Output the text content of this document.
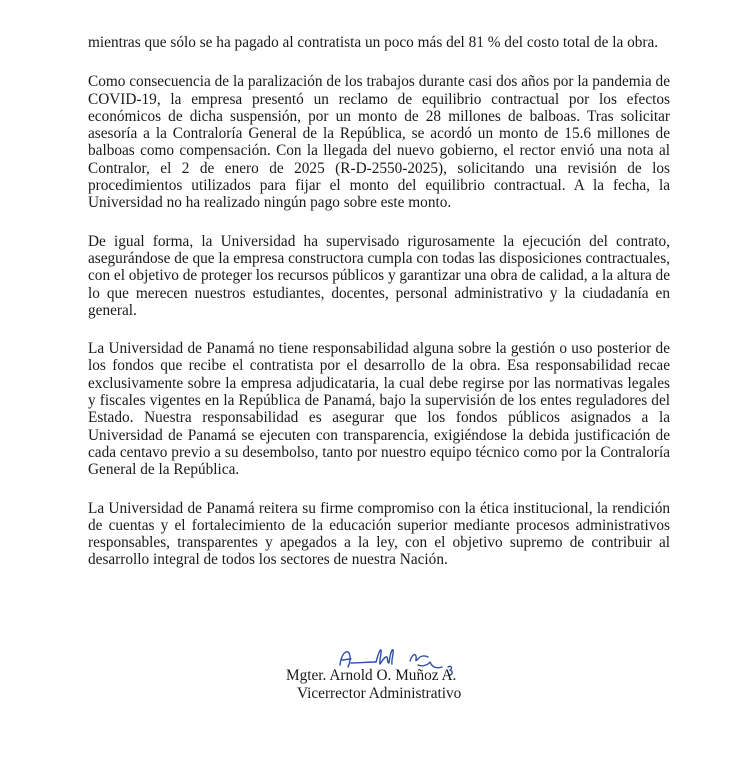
mientras que sólo se ha pagado al contratista un poco más del 81 % del costo total de la obra.

Como consecuencia de la paralización de los trabajos durante casi dos años por la pandemia de COVID-19, la empresa presentó un reclamo de equilibrio contractual por los efectos económicos de dicha suspensión, por un monto de 28 millones de balboas. Tras solicitar asesoría a la Contraloría General de la República, se acordó un monto de 15.6 millones de balboas como compensación. Con la llegada del nuevo gobierno, el rector envió una nota al Contralor, el 2 de enero de 2025 (R-D-2550-2025), solicitando una revisión de los procedimientos utilizados para fijar el monto del equilibrio contractual. A la fecha, la Universidad no ha realizado ningún pago sobre este monto.

De igual forma, la Universidad ha supervisado rigurosamente la ejecución del contrato, asegurándose de que la empresa constructora cumpla con todas las disposiciones contractuales, con el objetivo de proteger los recursos públicos y garantizar una obra de calidad, a la altura de lo que merecen nuestros estudiantes, docentes, personal administrativo y la ciudadanía en general.

La Universidad de Panamá no tiene responsabilidad alguna sobre la gestión o uso posterior de los fondos que recibe el contratista por el desarrollo de la obra. Esa responsabilidad recae exclusivamente sobre la empresa adjudicataria, la cual debe regirse por las normativas legales y fiscales vigentes en la República de Panamá, bajo la supervisión de los entes reguladores del Estado. Nuestra responsabilidad es asegurar que los fondos públicos asignados a la Universidad de Panamá se ejecuten con transparencia, exigiéndose la debida justificación de cada centavo previo a su desembolso, tanto por nuestro equipo técnico como por la Contraloría General de la República.

La Universidad de Panamá reitera su firme compromiso con la ética institucional, la rendición de cuentas y el fortalecimiento de la educación superior mediante procesos administrativos responsables, transparentes y apegados a la ley, con el objetivo supremo de contribuir al desarrollo integral de todos los sectores de nuestra Nación.

Mgter. Arnold O. Muñoz A.
Vicerrector Administrativo
